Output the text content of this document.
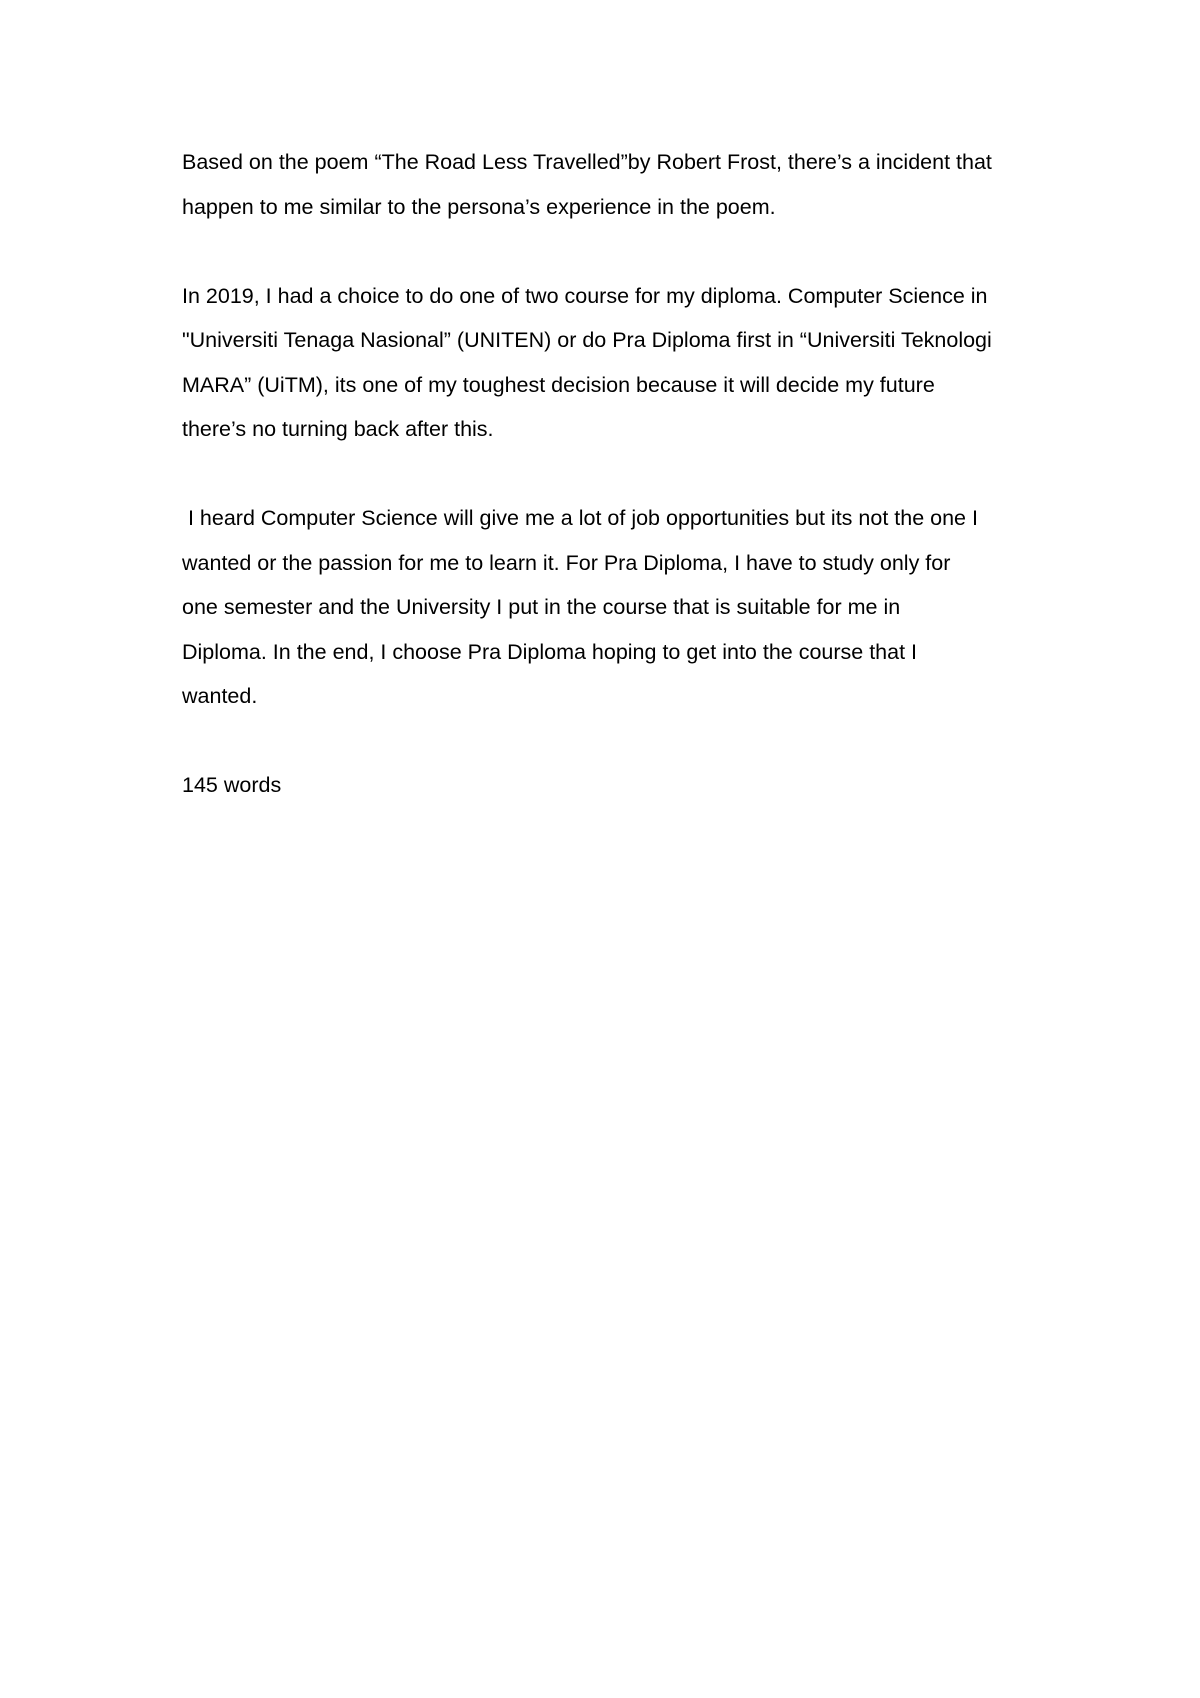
Based on the poem “The Road Less Travelled”by Robert Frost, there’s a incident that
happen to me similar to the persona’s experience in the poem.
In 2019, I had a choice to do one of two course for my diploma. Computer Science in
"Universiti Tenaga Nasional” (UNITEN) or do Pra Diploma first in “Universiti Teknologi
MARA” (UiTM), its one of my toughest decision because it will decide my future
there’s no turning back after this.
I heard Computer Science will give me a lot of job opportunities but its not the one I
wanted or the passion for me to learn it. For Pra Diploma, I have to study only for
one semester and the University I put in the course that is suitable for me in
Diploma. In the end, I choose Pra Diploma hoping to get into the course that I
wanted.
145 words
